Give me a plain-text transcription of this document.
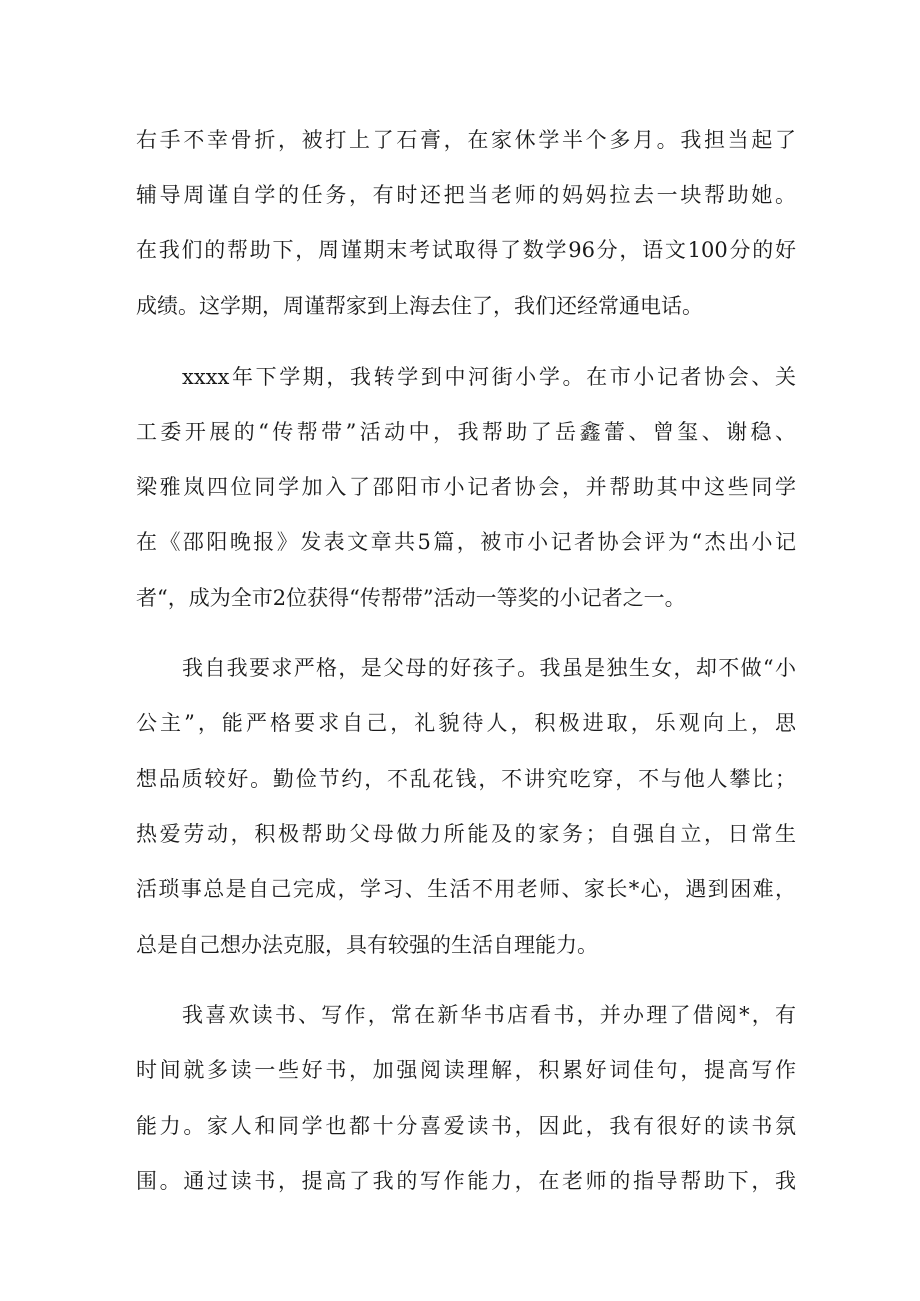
右手不幸骨折，被打上了石膏，在家休学半个多月。我担当起了
辅导周谨自学的任务，有时还把当老师的妈妈拉去一块帮助她。
在我们的帮助下，周谨期末考试取得了数学96分，语文100分的好
成绩。这学期，周谨帮家到上海去住了，我们还经常通电话。
xxxx年下学期，我转学到中河街小学。在市小记者协会、关
工委开展的“传帮带”活动中，我帮助了岳鑫蕾、曾玺、谢稳、
梁雅岚四位同学加入了邵阳市小记者协会，并帮助其中这些同学
在《邵阳晚报》发表文章共5篇，被市小记者协会评为“杰出小记
者“，成为全市2位获得“传帮带”活动一等奖的小记者之一。
我自我要求严格，是父母的好孩子。我虽是独生女，却不做“小
公主”，能严格要求自己，礼貌待人，积极进取，乐观向上，思
想品质较好。勤俭节约，不乱花钱，不讲究吃穿，不与他人攀比；
热爱劳动，积极帮助父母做力所能及的家务；自强自立，日常生
活琐事总是自己完成，学习、生活不用老师、家长*心，遇到困难，
总是自己想办法克服，具有较强的生活自理能力。
我喜欢读书、写作，常在新华书店看书，并办理了借阅*，有
时间就多读一些好书，加强阅读理解，积累好词佳句，提高写作
能力。家人和同学也都十分喜爱读书，因此，我有很好的读书氛
围。通过读书，提高了我的写作能力，在老师的指导帮助下，我
